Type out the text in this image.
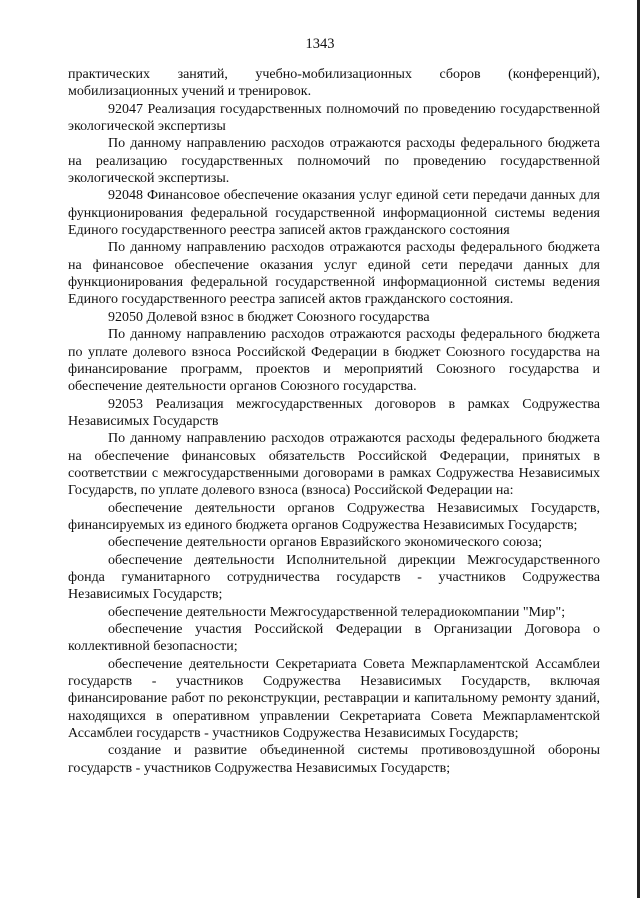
1343

практических занятий, учебно-мобилизационных сборов (конференций), мобилизационных учений и тренировок.

92047 Реализация государственных полномочий по проведению государственной экологической экспертизы

По данному направлению расходов отражаются расходы федерального бюджета на реализацию государственных полномочий по проведению государственной экологической экспертизы.

92048 Финансовое обеспечение оказания услуг единой сети передачи данных для функционирования федеральной государственной информационной системы ведения Единого государственного реестра записей актов гражданского состояния

По данному направлению расходов отражаются расходы федерального бюджета на финансовое обеспечение оказания услуг единой сети передачи данных для функционирования федеральной государственной информационной системы ведения Единого государственного реестра записей актов гражданского состояния.

92050 Долевой взнос в бюджет Союзного государства

По данному направлению расходов отражаются расходы федерального бюджета по уплате долевого взноса Российской Федерации в бюджет Союзного государства на финансирование программ, проектов и мероприятий Союзного государства и обеспечение деятельности органов Союзного государства.

92053 Реализация межгосударственных договоров в рамках Содружества Независимых Государств

По данному направлению расходов отражаются расходы федерального бюджета на обеспечение финансовых обязательств Российской Федерации, принятых в соответствии с межгосударственными договорами в рамках Содружества Независимых Государств, по уплате долевого взноса (взноса) Российской Федерации на:

обеспечение деятельности органов Содружества Независимых Государств, финансируемых из единого бюджета органов Содружества Независимых Государств;

обеспечение деятельности органов Евразийского экономического союза;

обеспечение деятельности Исполнительной дирекции Межгосударственного фонда гуманитарного сотрудничества государств - участников Содружества Независимых Государств;

обеспечение деятельности Межгосударственной телерадиокомпании "Мир";

обеспечение участия Российской Федерации в Организации Договора о коллективной безопасности;

обеспечение деятельности Секретариата Совета Межпарламентской Ассамблеи государств - участников Содружества Независимых Государств, включая финансирование работ по реконструкции, реставрации и капитальному ремонту зданий, находящихся в оперативном управлении Секретариата Совета Межпарламентской Ассамблеи государств - участников Содружества Независимых Государств;

создание и развитие объединенной системы противовоздушной обороны государств - участников Содружества Независимых Государств;
